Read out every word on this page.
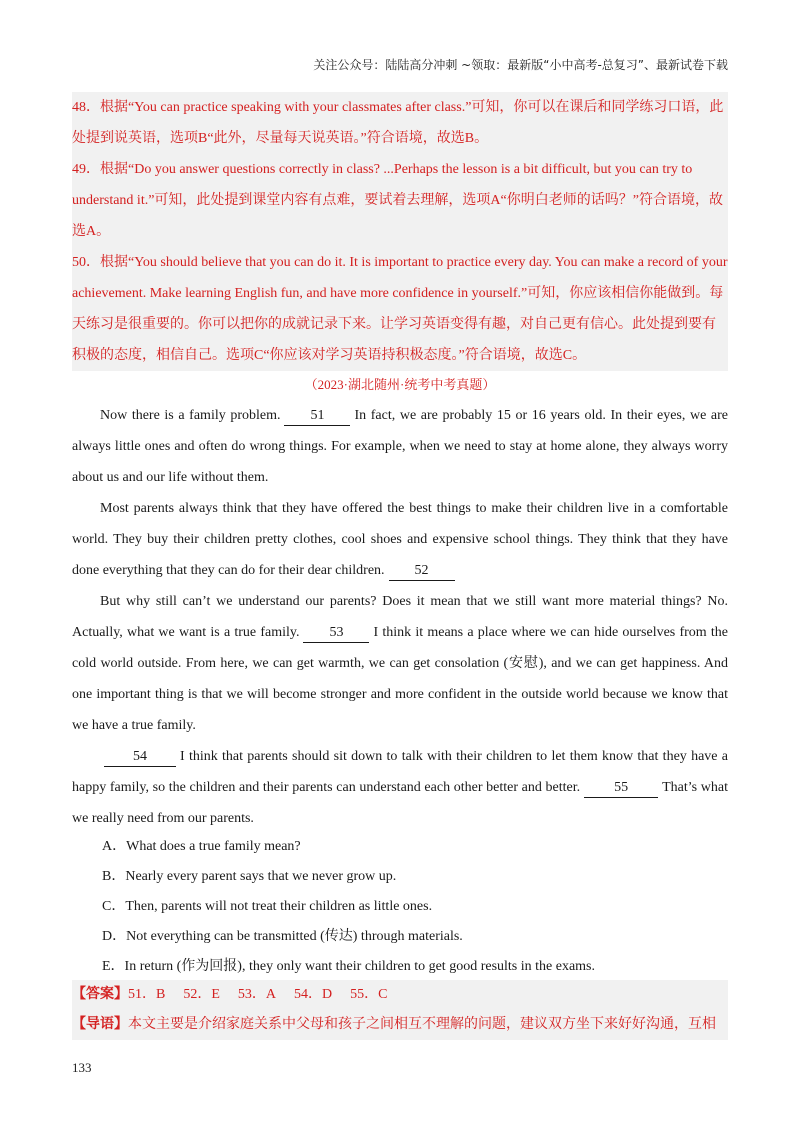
关注公众号：陆陆高分冲刺 ~领取：最新版“小中高考-总复习”、最新试卷下载

48．根据“You can practice speaking with your classmates after class.”可知，你可以在课后和同学练习口语，此处提到说英语，选项B“此外，尽量每天说英语。”符合语境，故选B。

49．根据“Do you answer questions correctly in class? ...Perhaps the lesson is a bit difficult, but you can try to understand it.”可知，此处提到课堂内容有点难，要试着去理解，选项A“你明白老师的话吗？”符合语境，故选A。

50．根据“You should believe that you can do it. It is important to practice every day. You can make a record of your achievement. Make learning English fun, and have more confidence in yourself.”可知，你应该相信你能做到。每天练习是很重要的。你可以把你的成就记录下来。让学习英语变得有趣，对自己更有信心。此处提到要有积极的态度，相信自己。选项C“你应该对学习英语持积极态度。”符合语境，故选C。

（2023·湖北随州·统考中考真题）

Now there is a family problem. 51 In fact, we are probably 15 or 16 years old. In their eyes, we are always little ones and often do wrong things. For example, when we need to stay at home alone, they always worry about us and our life without them.

Most parents always think that they have offered the best things to make their children live in a comfortable world. They buy their children pretty clothes, cool shoes and expensive school things. They think that they have done everything that they can do for their dear children. 52

But why still can’t we understand our parents? Does it mean that we still want more material things? No. Actually, what we want is a true family. 53 I think it means a place where we can hide ourselves from the cold world outside. From here, we can get warmth, we can get consolation (安慰), and we can get happiness. And one important thing is that we will become stronger and more confident in the outside world because we know that we have a true family.

54 I think that parents should sit down to talk with their children to let them know that they have a happy family, so the children and their parents can understand each other better and better. 55 That’s what we really need from our parents.

A．What does a true family mean?
B．Nearly every parent says that we never grow up.
C．Then, parents will not treat their children as little ones.
D．Not everything can be transmitted (传达) through materials.
E．In return (作为回报), they only want their children to get good results in the exams.
【答案】51．B 52．E 53．A 54．D 55．C
【导语】本文主要是介绍家庭关系中父母和孩子之间相互不理解的问题，建议双方坐下来好好沟通，互相
133
